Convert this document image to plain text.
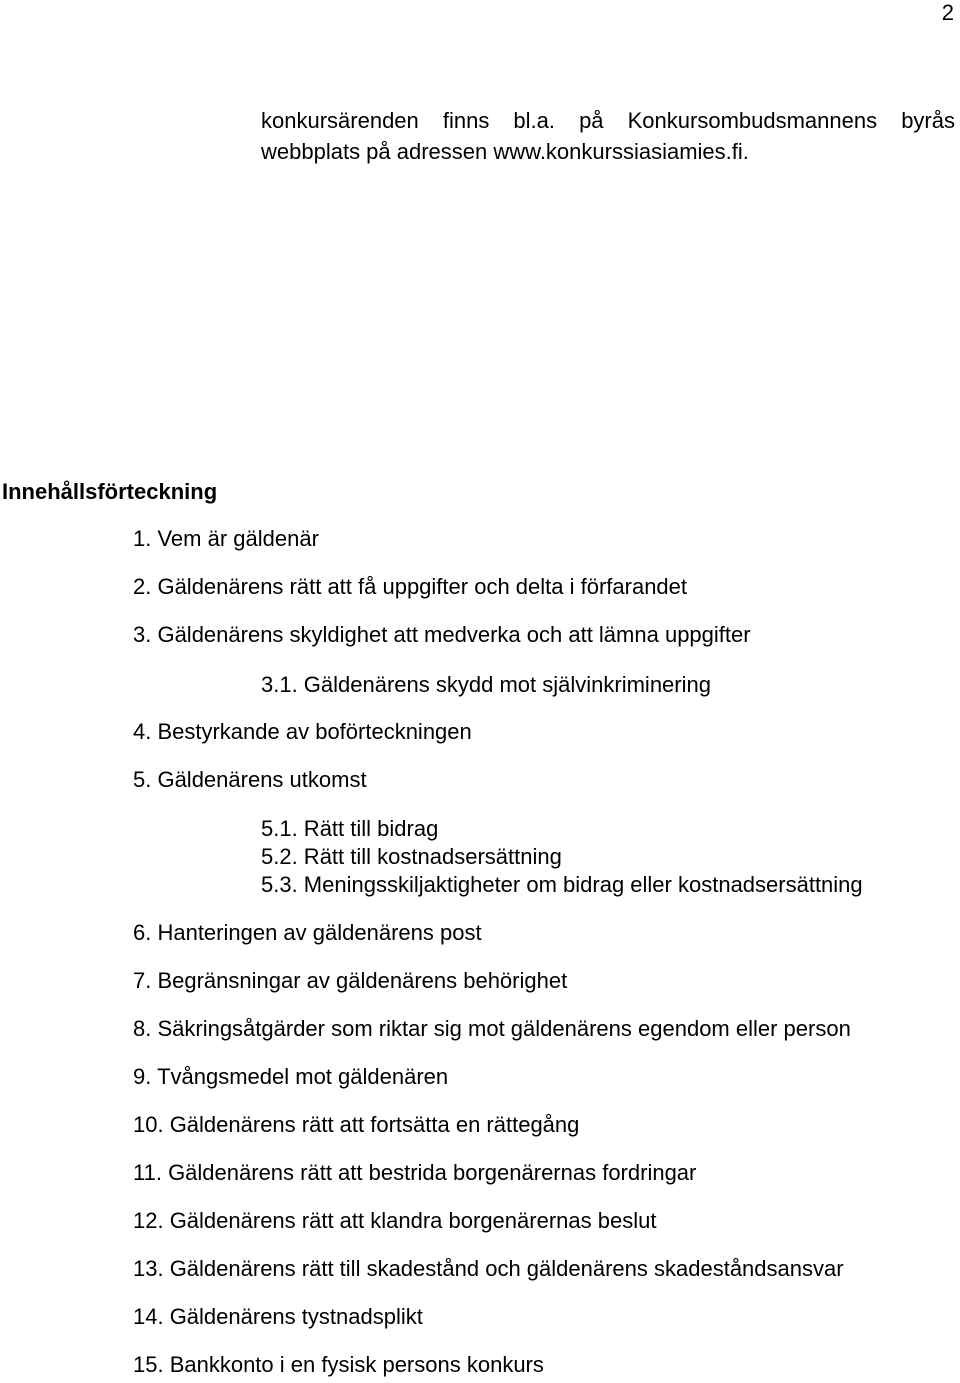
2
konkursärenden finns bl.a. på Konkursombudsmannens byrås
webbplats på adressen www.konkurssiasiamies.fi.
Innehållsförteckning
1. Vem är gäldenär
2. Gäldenärens rätt att få uppgifter och delta i förfarandet
3. Gäldenärens skyldighet att medverka och att lämna uppgifter
3.1. Gäldenärens skydd mot självinkriminering
4. Bestyrkande av boförteckningen
5. Gäldenärens utkomst
5.1. Rätt till bidrag
5.2. Rätt till kostnadsersättning
5.3. Meningsskiljaktigheter om bidrag eller kostnadsersättning
6. Hanteringen av gäldenärens post
7. Begränsningar av gäldenärens behörighet
8. Säkringsåtgärder som riktar sig mot gäldenärens egendom eller person
9. Tvångsmedel mot gäldenären
10. Gäldenärens rätt att fortsätta en rättegång
11. Gäldenärens rätt att bestrida borgenärernas fordringar
12. Gäldenärens rätt att klandra borgenärernas beslut
13. Gäldenärens rätt till skadestånd och gäldenärens skadeståndsansvar
14. Gäldenärens tystnadsplikt
15. Bankkonto i en fysisk persons konkurs
